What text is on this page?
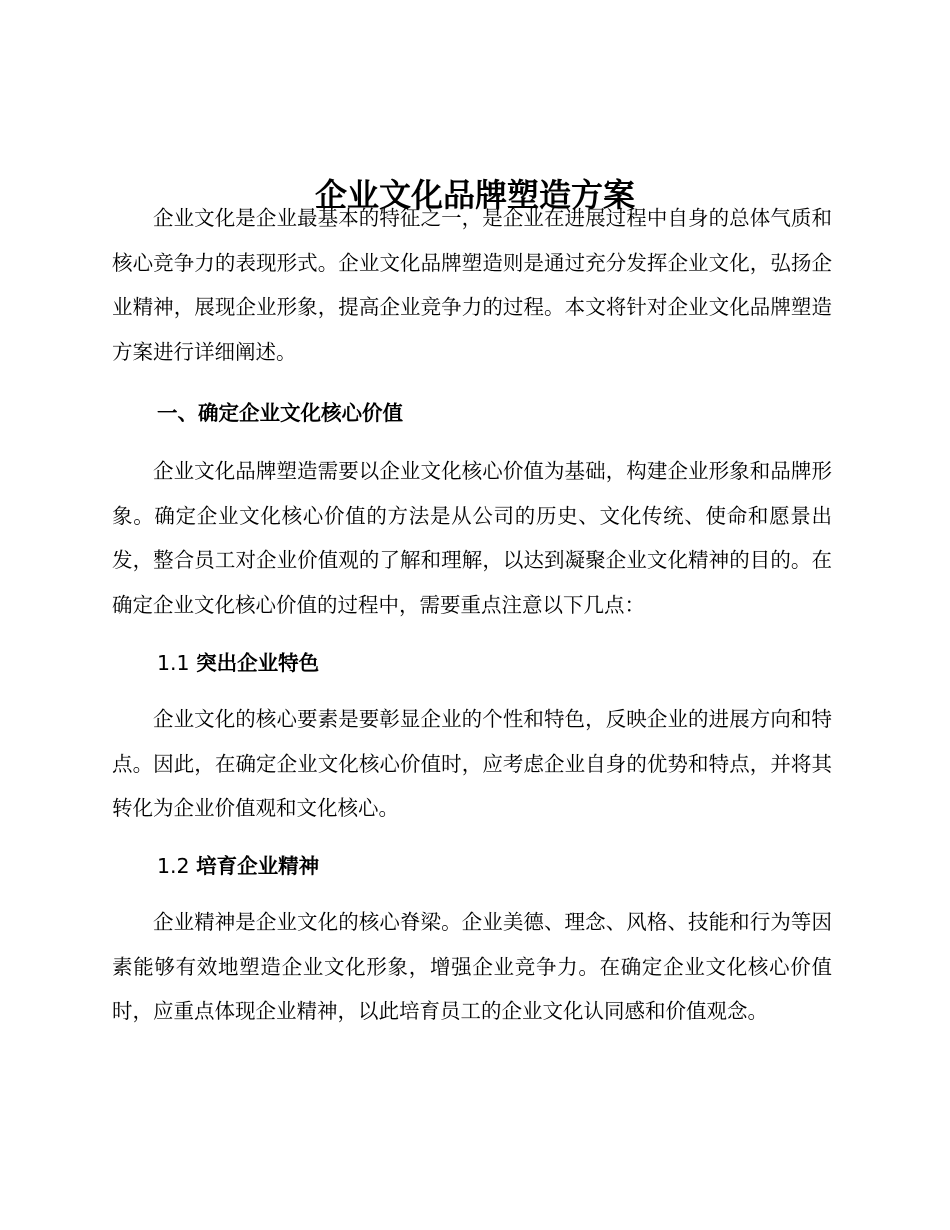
企业文化品牌塑造方案

企业文化是企业最基本的特征之一，是企业在进展过程中自身的总体气质和核心竞争力的表现形式。企业文化品牌塑造则是通过充分发挥企业文化，弘扬企业精神，展现企业形象，提高企业竞争力的过程。本文将针对企业文化品牌塑造方案进行详细阐述。

一、确定企业文化核心价值

企业文化品牌塑造需要以企业文化核心价值为基础，构建企业形象和品牌形象。确定企业文化核心价值的方法是从公司的历史、文化传统、使命和愿景出发，整合员工对企业价值观的了解和理解，以达到凝聚企业文化精神的目的。在确定企业文化核心价值的过程中，需要重点注意以下几点：

1.1 突出企业特色

企业文化的核心要素是要彰显企业的个性和特色，反映企业的进展方向和特点。因此，在确定企业文化核心价值时，应考虑企业自身的优势和特点，并将其转化为企业价值观和文化核心。

1.2 培育企业精神

企业精神是企业文化的核心脊梁。企业美德、理念、风格、技能和行为等因素能够有效地塑造企业文化形象，增强企业竞争力。在确定企业文化核心价值时，应重点体现企业精神，以此培育员工的企业文化认同感和价值观念。
